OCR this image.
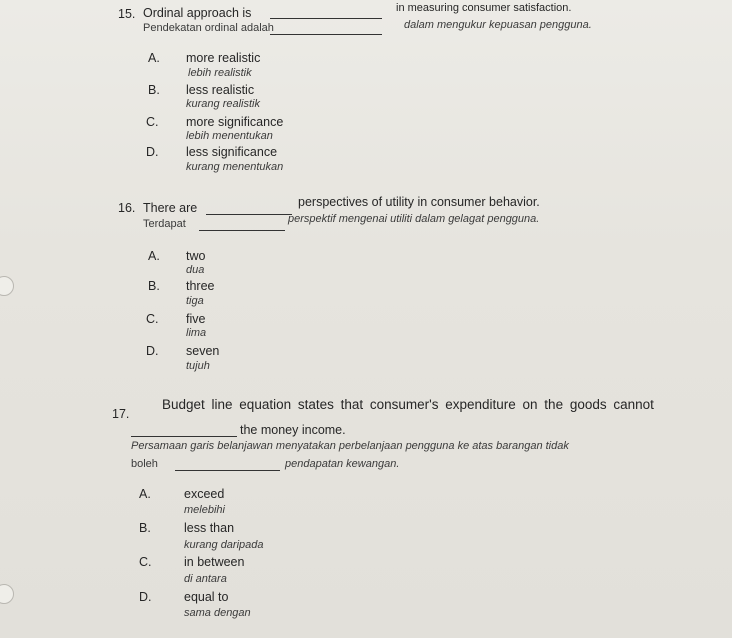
15. Ordinal approach is	in measuring consumer satisfaction.
Pendekatan ordinal adalah	dalam mengukur kepuasan pengguna.
A. more realistic
lebih realistik
B. less realistic
kurang realistik
C. more significance
lebih menentukan
D. less significance
kurang menentukan
16. There are	perspectives of utility in consumer behavior.
Terdapat	perspektif mengenai utiliti dalam gelagat pengguna.
A. two
dua
B. three
tiga
C. five
lima
D. seven
tujuh
17.
Budget line equation states that consumer's expenditure on the goods cannot
the money income.
Persamaan garis belanjawan menyatakan perbelanjaan pengguna ke atas barangan tidak
boleh	pendapatan kewangan.
A.	exceed
melebihi
B.	less than
kurang daripada
C.	in between
di antara
D.	equal to
sama dengan
